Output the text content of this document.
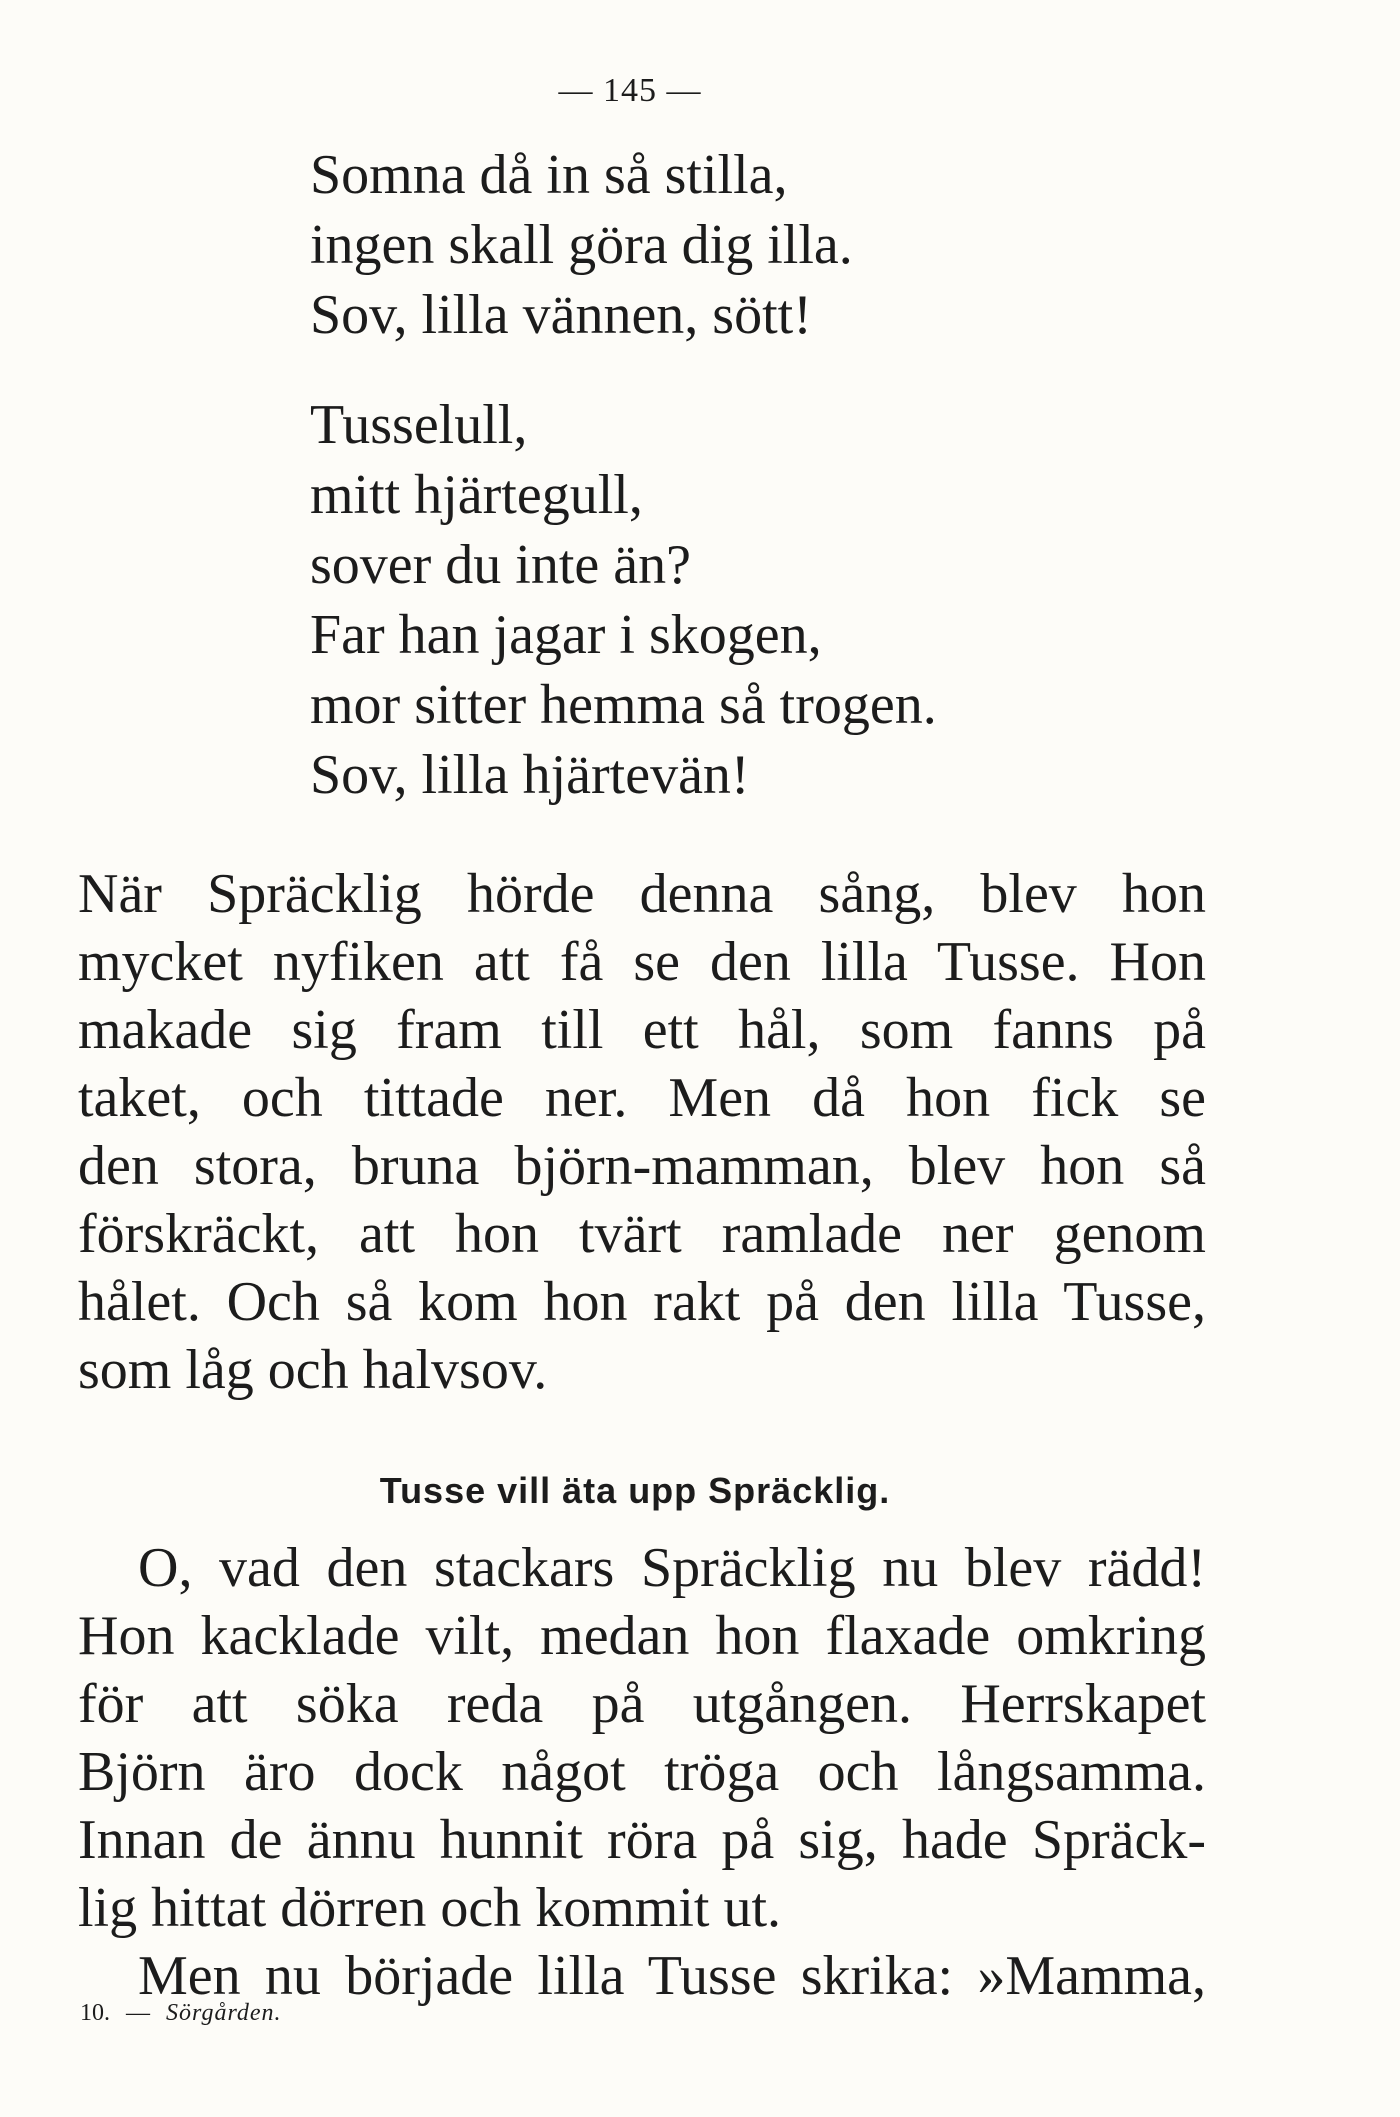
— 145 —
Somna då in så stilla,
ingen skall göra dig illa.
Sov, lilla vännen, sött!
Tusselull,
mitt hjärtegull,
sover du inte än?
Far han jagar i skogen,
mor sitter hemma så trogen.
Sov, lilla hjärtevän!
När Spräcklig hörde denna sång, blev hon
mycket nyfiken att få se den lilla Tusse. Hon
makade sig fram till ett hål, som fanns på
taket, och tittade ner. Men då hon fick se
den stora, bruna björn-mamman, blev hon så
förskräckt, att hon tvärt ramlade ner genom
hålet. Och så kom hon rakt på den lilla Tusse,
som låg och halvsov.
Tusse vill äta upp Spräcklig.
O, vad den stackars Spräcklig nu blev rädd!
Hon kacklade vilt, medan hon flaxade omkring
för att söka reda på utgången. Herrskapet
Björn äro dock något tröga och långsamma.
Innan de ännu hunnit röra på sig, hade Spräck-
lig hittat dörren och kommit ut.
Men nu började lilla Tusse skrika: »Mamma,
10. — Sörgården.
